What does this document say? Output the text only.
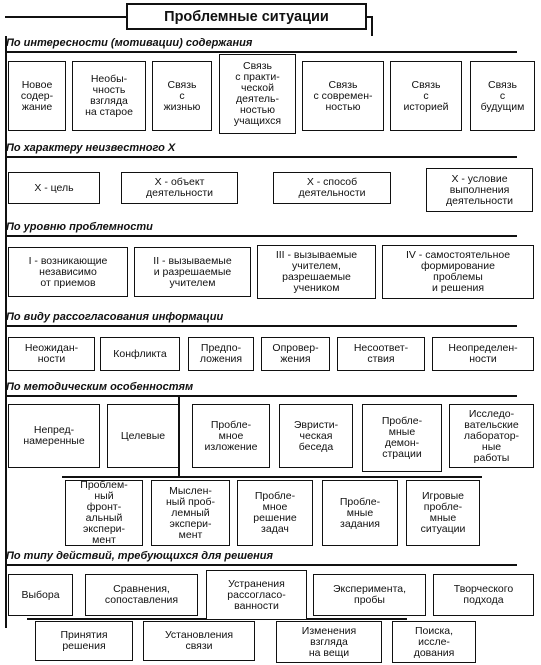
Проблемные ситуации
По интересности (мотивации) содержания
Новое
содер-
жание
Необы-
чность
взгляда
на старое
Связь
с
жизнью
Связь
с практи-
ческой
деятель-
ностью
учащихся
Связь
с современ-
ностью
Связь
с
историей
Связь
с
будущим
По характеру неизвестного Х
Х - цель	Х - объект
деятельности
Х - способ
деятельности
Х - условие
выполнения
деятельности
По уровню проблемности
I - возникающие
независимо
от приемов
II - вызываемые
и разрешаемые
учителем
III - вызываемые
учителем,
разрешаемые
учеником
IV - самостоятельное
формирование
проблемы
и решения
По виду рассогласования информации
Неожидан-
ности	Конфликта	Предпо-
ложения
Опровер-
жения
Несоответ-
ствия
Неопределен-
ности
По методическим особенностям
Непред-
намеренные	Целевые
Пробле-
мное
изложение
Эвристи-
ческая
беседа
Пробле-
мные
демон-
страции
Исследо-
вательские
лаборатор-
ные
работы
Проблем-
ный
фронт-
альный
экспери-
мент
Мыслен-
ный проб-
лемный
экспери-
мент
Пробле-
мное
решение
задач
Пробле-
мные
задания
Игровые
пробле-
мные
ситуации
По типу действий, требующихся для решения
Выбора	Сравнения,
сопоставления
Устранения
рассогласо-
ванности
Эксперимента,
пробы
Творческого
подхода
Принятия
решения
Установления
связи
Изменения
взгляда
на вещи
Поиска,
иссле-
дования
